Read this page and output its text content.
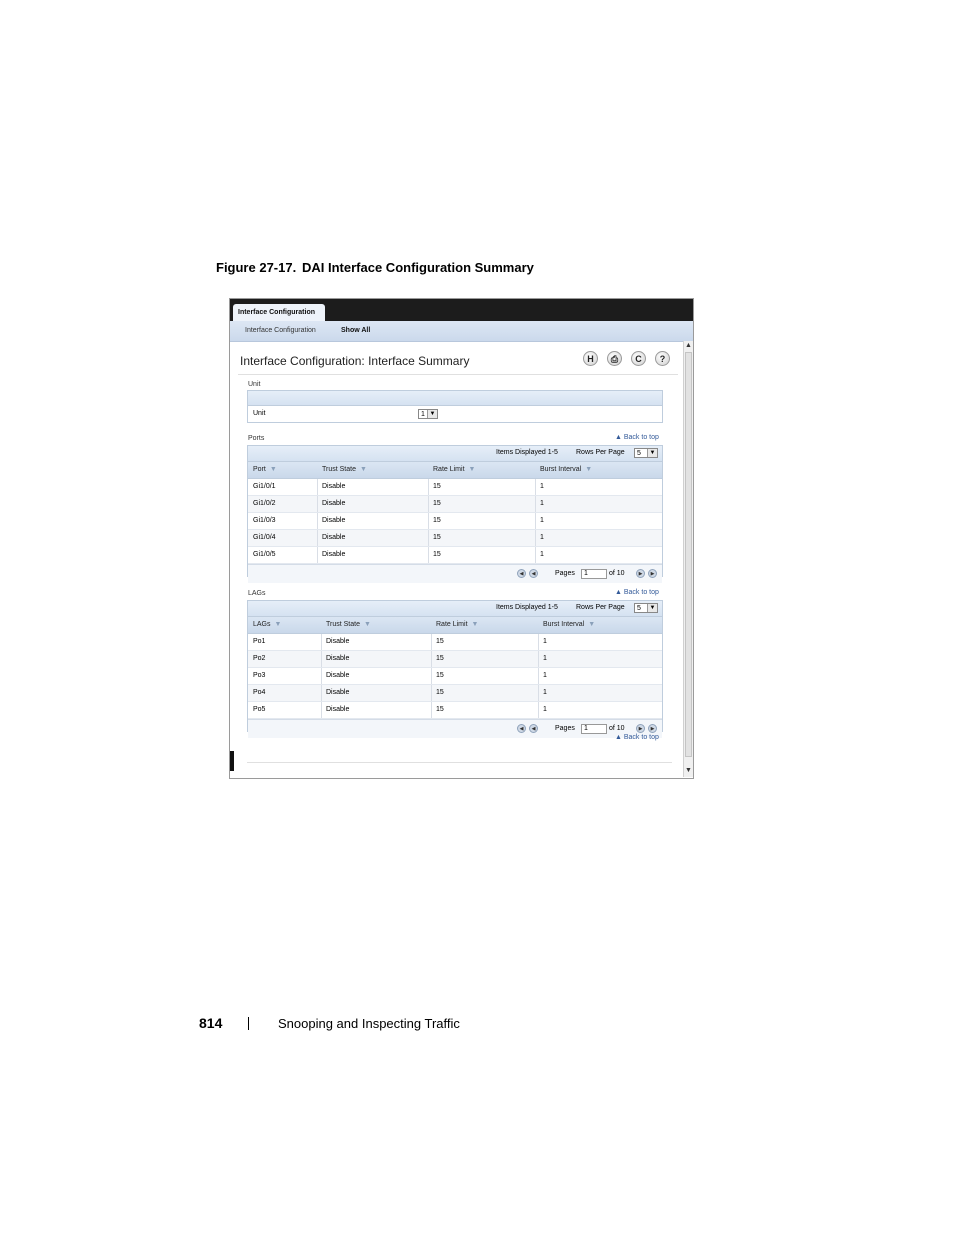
Figure 27-17. DAI Interface Configuration Summary
Interface Configuration
Interface Configuration	Show All
Interface Configuration: Interface Summary	H	⎙	C	?
Unit
Unit	1 ▼
Ports	▲ Back to top
Items Displayed 1-5	Rows Per Page	5	▼
Port ▼	Trust State ▼	Rate Limit ▼	Burst Interval ▼
Gi1/0/1	Disable	15	1
Gi1/0/2	Disable	15	1
Gi1/0/3	Disable	15	1
Gi1/0/4	Disable	15	1
Gi1/0/5	Disable	15	1
◀	◀	Pages	1	of 10	▶	▶
LAGs	▲ Back to top
Items Displayed 1-5	Rows Per Page	5	▼
LAGs ▼	Trust State ▼	Rate Limit ▼	Burst Interval ▼
Po1	Disable	15	1
Po2	Disable	15	1
Po3	Disable	15	1
Po4	Disable	15	1
Po5	Disable	15	1
◀	◀	Pages	1	of 10	▶	▶
▲ Back to top
▲
▼
814	Snooping and Inspecting Traffic
